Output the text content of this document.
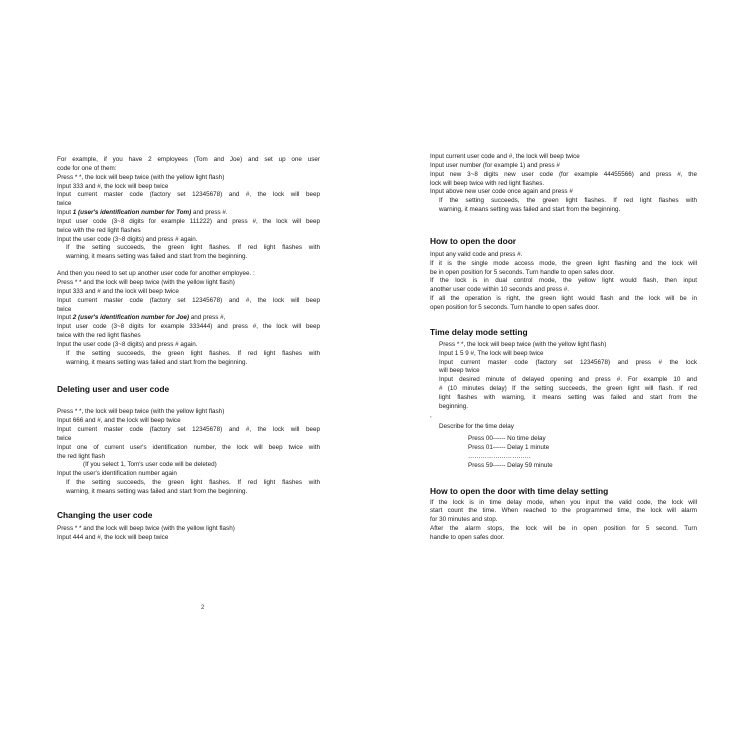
For example, if you have 2 employees (Tom and Joe) and set up one user
code for one of them:
Press * *, the lock will beep twice (with the yellow light flash)
Input 333 and #, the lock will beep twice
Input current master code (factory set 12345678) and #, the lock will beep
twice
Input 1 (user's identification number for Tom) and press #.
Input user code (3~8 digits for example 111222) and press #, the lock will beep
twice with the red light flashes
Input the user code (3~8 digits) and press # again.
If the setting succeeds, the green light flashes. If red light flashes with
warning, it means setting was failed and start from the beginning.
And then you need to set up another user code for another employee. :
Press * * and the lock will beep twice (with the yellow light flash)
Input 333 and # and the lock will beep twice
Input current master code (factory set 12345678) and #, the lock will beep
twice
Input 2 (user's identification number for Joe) and press #,
Input user code (3~8 digits for example 333444) and press #, the lock will beep
twice with the red light flashes
Input the user code (3~8 digits) and press # again.
If the setting succeeds, the green light flashes. If red light flashes with
warning, it means setting was failed and start from the beginning.
Deleting user and user code
Press * *, the lock will beep twice (with the yellow light flash)
Input 666 and #, and the lock will beep twice
Input current master code (factory set 12345678) and #, the lock will beep
twice
Input one of current user's identification number, the lock will beep twice with
the red light flash
(If you select 1, Tom's user code will be deleted)
Input the user's identification number again
If the setting succeeds, the green light flashes. If red light flashes with
warning, it means setting was failed and start from the beginning.
Changing the user code
Press * * and the lock will beep twice (with the yellow light flash)
Input 444 and #, the lock will beep twice
2
Input current user code and #, the lock will beep twice
Input user number (for example 1) and press #
Input new 3~8 digits new user code (for example 44455566) and press #, the
lock will beep twice with red light flashes.
Input above new user code once again and press #
If the setting succeeds, the green light flashes. If red light flashes with
warning, it means setting was failed and start from the beginning.
How to open the door
Input any valid code and press #.
If it is the single mode access mode, the green light flashing and the lock will
be in open position for 5 seconds. Turn handle to open safes door.
If the lock is in dual control mode, the yellow light would flash, then input
another user code within 10 seconds and press #.
If all the operation is right, the green light would flash and the lock will be in
open position for 5 seconds. Turn handle to open safes door.
Time delay mode setting
Press * *, the lock will beep twice (with the yellow light flash)
Input 1 5 9 #, The lock will beep twice
Input current master code (factory set 12345678) and press # the lock
will beep twice
Input desired minute of delayed opening and press #. For example 10 and
# (10 minutes delay) If the setting succeeds, the green light will flash. If red
light flashes with warning, it means setting was failed and start from the
beginning.
,
Describe for the time delay
Press 00------ No time delay
Press 01------ Delay 1 minute
…………………………
Press 59------ Delay 59 minute
How to open the door with time delay setting
If the lock is in time delay mode, when you input the valid code, the lock will
start count the time. When reached to the programmed time, the lock will alarm
for 30 minutes and stop.
After the alarm stops, the lock will be in open position for 5 second. Turn
handle to open safes door.
